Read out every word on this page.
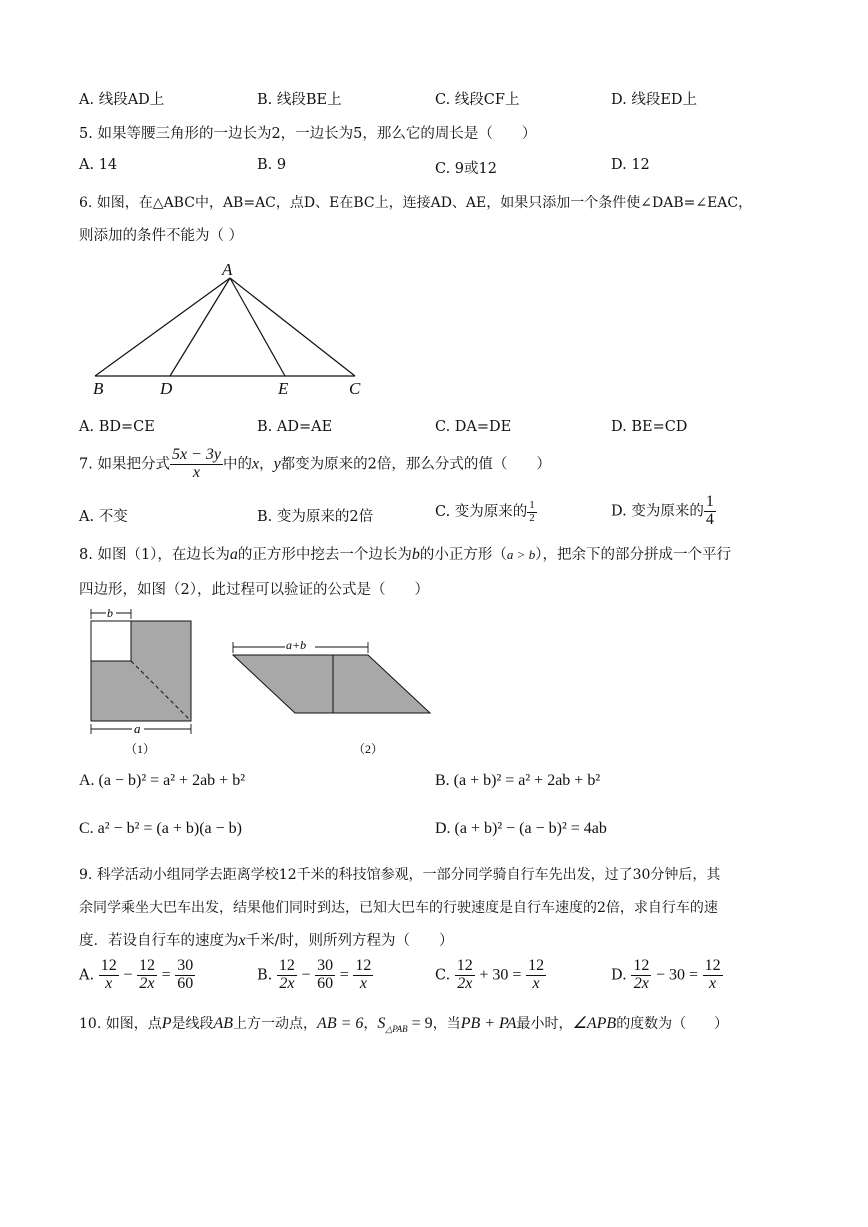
A. 线段AD上	B. 线段BE上	C. 线段CF上	D. 线段ED上
5. 如果等腰三角形的一边长为2，一边长为5，那么它的周长是（　　）
A. 14	B. 9	C. 9或12	D. 12
6. 如图，在△ABC中，AB=AC，点D、E在BC上，连接AD、AE，如果只添加一个条件使∠DAB=∠EAC，
则添加的条件不能为（ ）
A
B	D	E	C
A. BD=CE	B. AD=AE	C. DA=DE	D. BE=CD
7. 如果把分式 $\frac{5x - 3y}{x}$ 中的x，y都变为原来的2倍，那么分式的值（　　）
A. 不变	B. 变为原来的2倍	C. 变为原来的 $\frac{1}{2}$	D. 变为原来的 $\frac{1}{4}$
8. 如图（1），在边长为a的正方形中挖去一个边长为b的小正方形（a > b），把余下的部分拼成一个平行
四边形，如图（2），此过程可以验证的公式是（　　）
b
a
（1）
a+b
（2）
A. (a − b)² = a² + 2ab + b²	B. (a + b)² = a² + 2ab + b²
C. a² − b² = (a + b)(a − b)	D. (a + b)² − (a − b)² = 4ab
9. 科学活动小组同学去距离学校12千米的科技馆参观，一部分同学骑自行车先出发，过了30分钟后，其
余同学乘坐大巴车出发，结果他们同时到达，已知大巴车的行驶速度是自行车速度的2倍，求自行车的速
度．若设自行车的速度为x千米/时，则所列方程为（　　）
A. $\frac{12}{x} - \frac{12}{2x} = \frac{30}{60}$	B. $\frac{12}{2x} - \frac{30}{60} = \frac{12}{x}$	C. $\frac{12}{2x} + 30 = \frac{12}{x}$	D. $\frac{12}{2x} - 30 = \frac{12}{x}$
10. 如图，点P是线段AB上方一动点，AB = 6，$S_{\triangle PAB} = 9$，当PB + PA最小时，∠APB的度数为（　　）
